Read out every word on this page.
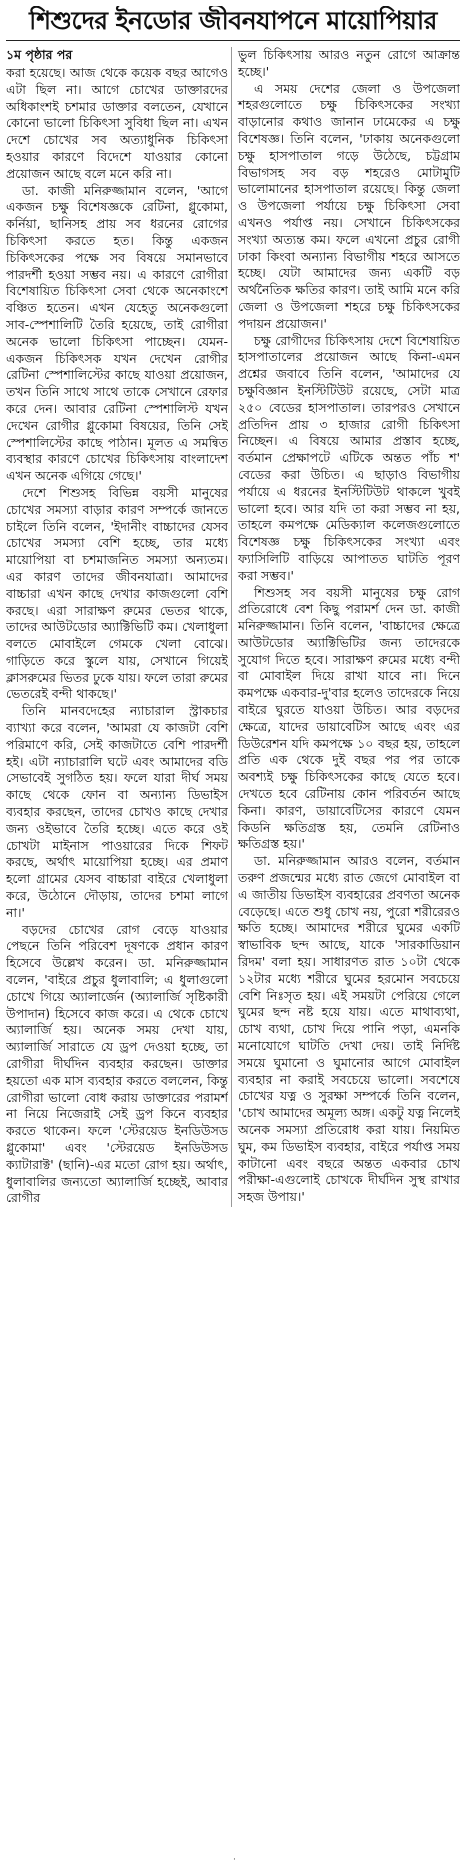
শিশুদের ইনডোর জীবনযাপনে মায়োপিয়ার
১ম পৃষ্ঠার পর

করা হয়েছে। আজ থেকে কয়েক বছর আগেও এটা ছিল না। আগে চোখের ডাক্তারদের অধিকাংশই চশমার ডাক্তার বলতেন, যেখানে কোনো ভালো চিকিৎসা সুবিধা ছিল না। এখন দেশে চোখের সব অত্যাধুনিক চিকিৎসা হওয়ার কারণে বিদেশে যাওয়ার কোনো প্রয়োজন আছে বলে মনে করি না।

ডা. কাজী মনিরুজ্জামান বলেন, 'আগে একজন চক্ষু বিশেষজ্ঞকে রেটিনা, গ্লুকোমা, কর্নিয়া, ছানিসহ প্রায় সব ধরনের রোগের চিকিৎসা করতে হত। কিন্তু একজন চিকিৎসকের পক্ষে সব বিষয়ে সমানভাবে পারদর্শী হওয়া সম্ভব নয়। এ কারণে রোগীরা বিশেষায়িত চিকিৎসা সেবা থেকে অনেকাংশে বঞ্চিত হতেন। এখন যেহেতু অনেকগুলো সাব-স্পেশালিটি তৈরি হয়েছে, তাই রোগীরা অনেক ভালো চিকিৎসা পাচ্ছেন। যেমন- একজন চিকিৎসক যখন দেখেন রোগীর রেটিনা স্পেশালিস্টের কাছে যাওয়া প্রয়োজন, তখন তিনি সাথে সাথে তাকে সেখানে রেফার করে দেন। আবার রেটিনা স্পেশালিস্ট যখন দেখেন রোগীর গ্লুকোমা বিষয়ের, তিনি সেই স্পেশালিস্টের কাছে পাঠান। মূলত এ সমন্বিত ব্যবস্থার কারণে চোখের চিকিৎসায় বাংলাদেশ এখন অনেক এগিয়ে গেছে।'

দেশে শিশুসহ বিভিন্ন বয়সী মানুষের চোখের সমস্যা বাড়ার কারণ সম্পর্কে জানতে চাইলে তিনি বলেন, 'ইদানীং বাচ্চাদের যেসব চোখের সমস্যা বেশি হচ্ছে, তার মধ্যে মায়োপিয়া বা চশমাজনিত সমস্যা অন্যতম। এর কারণ তাদের জীবনযাত্রা। আমাদের বাচ্চারা এখন কাছে দেখার কাজগুলো বেশি করছে। এরা সারাক্ষণ রুমের ভেতর থাকে, তাদের আউটডোর অ্যাক্টিভিটি কম। খেলাধুলা বলতে মোবাইলে গেমকে খেলা বোঝে। গাড়িতে করে স্কুলে যায়, সেখানে গিয়েই ক্লাসরুমের ভিতর ঢুকে যায়। ফলে তারা রুমের ভেতরেই বন্দী থাকছে।'

তিনি মানবদেহের ন্যাচারাল স্ট্রাকচার ব্যাখ্যা করে বলেন, 'আমরা যে কাজটা বেশি পরিমাণে করি, সেই কাজটাতে বেশি পারদর্শী হই। এটা ন্যাচারালি ঘটে এবং আমাদের বডি সেভাবেই সুগঠিত হয়। ফলে যারা দীর্ঘ সময় কাছে থেকে ফোন বা অন্যান্য ডিভাইস ব্যবহার করছেন, তাদের চোখও কাছে দেখার জন্য ওইভাবে তৈরি হচ্ছে। এতে করে ওই চোখটা মাইনাস পাওয়ারের দিকে শিফট করছে, অর্থাৎ মায়োপিয়া হচ্ছে। এর প্রমাণ হলো গ্রামের যেসব বাচ্চারা বাইরে খেলাধুলা করে, উঠোনে দৌড়ায়, তাদের চশমা লাগে না।'

বড়দের চোখের রোগ বেড়ে যাওয়ার পেছনে তিনি পরিবেশ দূষণকে প্রধান কারণ হিসেবে উল্লেখ করেন। ডা. মনিরুজ্জামান বলেন, 'বাইরে প্রচুর ধুলাবালি; এ ধুলাগুলো চোখে গিয়ে অ্যালার্জেন (অ্যালার্জি সৃষ্টিকারী উপাদান) হিসেবে কাজ করে। এ থেকে চোখে অ্যালার্জি হয়। অনেক সময় দেখা যায়, অ্যালার্জি সারাতে যে ড্রপ দেওয়া হচ্ছে, তা রোগীরা দীর্ঘদিন ব্যবহার করছেন। ডাক্তার হয়তো এক মাস ব্যবহার করতে বললেন, কিন্তু রোগীরা ভালো বোধ করায় ডাক্তারের পরামর্শ না নিয়ে নিজেরাই সেই ড্রপ কিনে ব্যবহার করতে থাকেন। ফলে 'স্টেরয়েড ইনডিউসড গ্লুকোমা' এবং 'স্টেরয়েড ইনডিউসড ক্যাটারাক্ট' (ছানি)-এর মতো রোগ হয়। অর্থাৎ, ধুলাবালির জন্যতো অ্যালার্জি হচ্ছেই, আবার রোগীর

ভুল চিকিৎসায় আরও নতুন রোগে আক্রান্ত হচ্ছে।'

এ সময় দেশের জেলা ও উপজেলা শহরগুলোতে চক্ষু চিকিৎসকের সংখ্যা বাড়ানোর কথাও জানান ঢামেকের এ চক্ষু বিশেষজ্ঞ। তিনি বলেন, 'ঢাকায় অনেকগুলো চক্ষু হাসপাতাল গড়ে উঠেছে, চট্টগ্রাম বিভাগসহ সব বড় শহরেও মোটামুটি ভালোমানের হাসপাতাল রয়েছে। কিন্তু জেলা ও উপজেলা পর্যায়ে চক্ষু চিকিৎসা সেবা এখনও পর্যাপ্ত নয়। সেখানে চিকিৎসকের সংখ্যা অত্যন্ত কম। ফলে এখনো প্রচুর রোগী ঢাকা কিংবা অন্যান্য বিভাগীয় শহরে আসতে হচ্ছে। যেটা আমাদের জন্য একটি বড় অর্থনৈতিক ক্ষতির কারণ। তাই আমি মনে করি জেলা ও উপজেলা শহরে চক্ষু চিকিৎসকের পদায়ন প্রয়োজন।'

চক্ষু রোগীদের চিকিৎসায় দেশে বিশেষায়িত হাসপাতালের প্রয়োজন আছে কিনা-এমন প্রশ্নের জবাবে তিনি বলেন, 'আমাদের যে চক্ষুবিজ্ঞান ইনস্টিটিউট রয়েছে, সেটা মাত্র ২৫০ বেডের হাসপাতাল। তারপরও সেখানে প্রতিদিন প্রায় ৩ হাজার রোগী চিকিৎসা নিচ্ছেন। এ বিষয়ে আমার প্রস্তাব হচ্ছে, বর্তমান প্রেক্ষাপটে এটিকে অন্তত পাঁচ শ' বেডের করা উচিত। এ ছাড়াও বিভাগীয় পর্যায়ে এ ধরনের ইনস্টিটিউট থাকলে খুবই ভালো হবে। আর যদি তা করা সম্ভব না হয়, তাহলে কমপক্ষে মেডিক্যাল কলেজগুলোতে বিশেষজ্ঞ চক্ষু চিকিৎসকের সংখ্যা এবং ফ্যাসিলিটি বাড়িয়ে আপাতত ঘাটতি পূরণ করা সম্ভব।'

শিশুসহ সব বয়সী মানুষের চক্ষু রোগ প্রতিরোধে বেশ কিছু পরামর্শ দেন ডা. কাজী মনিরুজ্জামান। তিনি বলেন, 'বাচ্চাদের ক্ষেত্রে আউটডোর অ্যাক্টিভিটির জন্য তাদেরকে সুযোগ দিতে হবে। সারাক্ষণ রুমের মধ্যে বন্দী বা মোবাইল দিয়ে রাখা যাবে না। দিনে কমপক্ষে একবার-দু'বার হলেও তাদেরকে নিয়ে বাইরে ঘুরতে যাওয়া উচিত। আর বড়দের ক্ষেত্রে, যাদের ডায়াবেটিস আছে এবং এর ডিউরেশন যদি কমপক্ষে ১০ বছর হয়, তাহলে প্রতি এক থেকে দুই বছর পর পর তাকে অবশ্যই চক্ষু চিকিৎসকের কাছে যেতে হবে। দেখতে হবে রেটিনায় কোন পরিবর্তন আছে কিনা। কারণ, ডায়াবেটিসের কারণে যেমন কিডনি ক্ষতিগ্রস্ত হয়, তেমনি রেটিনাও ক্ষতিগ্রস্ত হয়।'

ডা. মনিরুজ্জামান আরও বলেন, বর্তমান তরুণ প্রজন্মের মধ্যে রাত জেগে মোবাইল বা এ জাতীয় ডিভাইস ব্যবহারের প্রবণতা অনেক বেড়েছে। এতে শুধু চোখ নয়, পুরো শরীরেরও ক্ষতি হচ্ছে। আমাদের শরীরে ঘুমের একটি স্বাভাবিক ছন্দ আছে, যাকে 'সারকাডিয়ান রিদম' বলা হয়। সাধারণত রাত ১০টা থেকে ১২টার মধ্যে শরীরে ঘুমের হরমোন সবচেয়ে বেশি নিঃসৃত হয়। এই সময়টা পেরিয়ে গেলে ঘুমের ছন্দ নষ্ট হয়ে যায়। এতে মাথাব্যথা, চোখ ব্যথা, চোখ দিয়ে পানি পড়া, এমনকি মনোযোগে ঘাটতি দেখা দেয়। তাই নির্দিষ্ট সময়ে ঘুমানো ও ঘুমানোর আগে মোবাইল ব্যবহার না করাই সবচেয়ে ভালো। সবশেষে চোখের যত্ন ও সুরক্ষা সম্পর্কে তিনি বলেন, 'চোখ আমাদের অমূল্য অঙ্গ। একটু যত্ন নিলেই অনেক সমস্যা প্রতিরোধ করা যায়। নিয়মিত ঘুম, কম ডিভাইস ব্যবহার, বাইরে পর্যাপ্ত সময় কাটানো এবং বছরে অন্তত একবার চোখ পরীক্ষা-এগুলোই চোখকে দীর্ঘদিন সুস্থ রাখার সহজ উপায়।'

·
